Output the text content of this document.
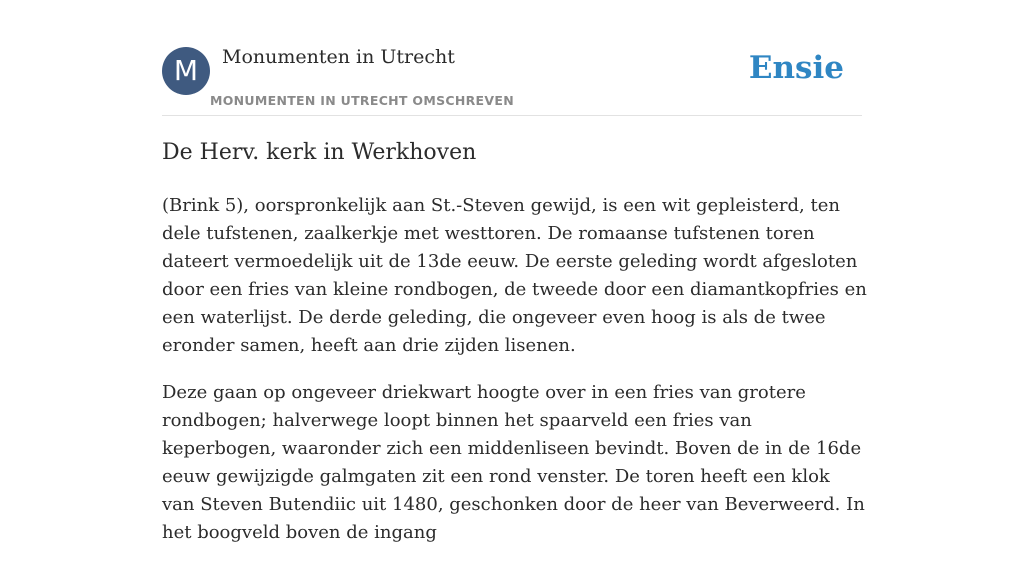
M	Monumenten in Utrecht
MONUMENTEN IN UTRECHT OMSCHREVEN
Ensie
De Herv. kerk in Werkhoven

(Brink 5), oorspronkelijk aan St.-Steven gewijd, is een wit gepleisterd, ten dele tufstenen, zaalkerkje met westtoren. De romaanse tufstenen toren dateert vermoedelijk uit de 13de eeuw. De eerste geleding wordt afgesloten door een fries van kleine rondbogen, de tweede door een diamantkopfries en een waterlijst. De derde geleding, die ongeveer even hoog is als de twee eronder samen, heeft aan drie zijden lisenen.

Deze gaan op ongeveer driekwart hoogte over in een fries van grotere rondbogen; halverwege loopt binnen het spaarveld een fries van keperbogen, waaronder zich een middenliseen bevindt. Boven de in de 16de eeuw gewijzigde galmgaten zit een rond venster. De toren heeft een klok van Steven Butendiic uit 1480, geschonken door de heer van Beverweerd. In het boogveld boven de ingang
